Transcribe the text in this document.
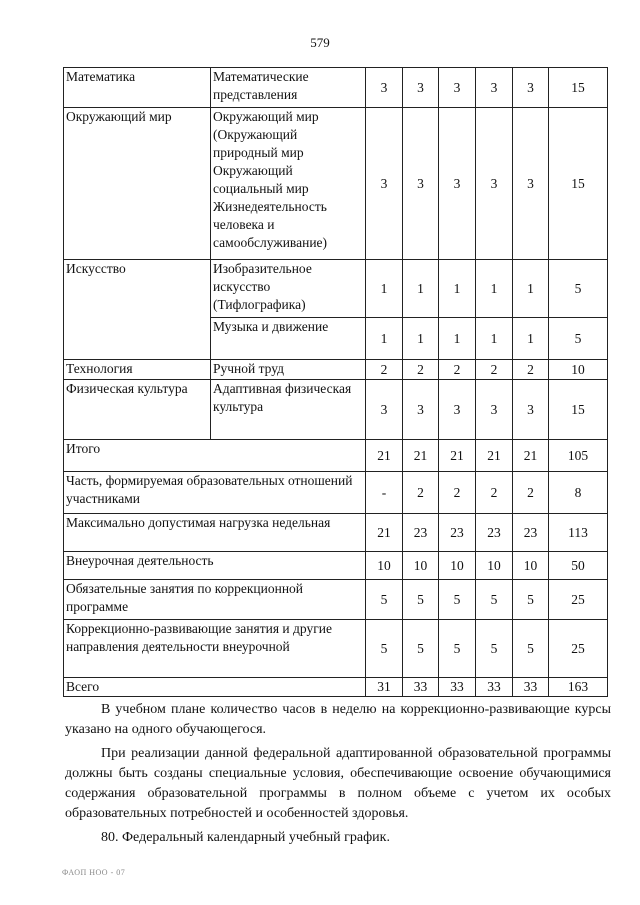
579
Математика	Математические представления	3	3	3	3	3	15
Окружающий мир	Окружающий мир (Окружающий природный мир Окружающий социальный мир Жизнедеятельность человека и самообслуживание)	3	3	3	3	3	15
Искусство	Изобразительное искусство (Тифлографика)	1	1	1	1	1	5
	Музыка и движение	1	1	1	1	1	5
Технология	Ручной труд	2	2	2	2	2	10
Физическая культура	Адаптивная физическая культура	3	3	3	3	3	15
Итого		21	21	21	21	21	105
Часть, формируемая образовательных отношений участниками		-	2	2	2	2	8
Максимально допустимая нагрузка недельная		21	23	23	23	23	113
Внеурочная деятельность		10	10	10	10	10	50
Обязательные занятия по коррекционной программе		5	5	5	5	5	25
Коррекционно-развивающие занятия и другие направления деятельности внеурочной		5	5	5	5	5	25
Всего		31	33	33	33	33	163

В учебном плане количество часов в неделю на коррекционно-развивающие курсы указано на одного обучающегося.

При реализации данной федеральной адаптированной образовательной программы должны быть созданы специальные условия, обеспечивающие освоение обучающимися содержания образовательной программы в полном объеме с учетом их особых образовательных потребностей и особенностей здоровья.

80. Федеральный календарный учебный график.

ФАОП НОО - 07
